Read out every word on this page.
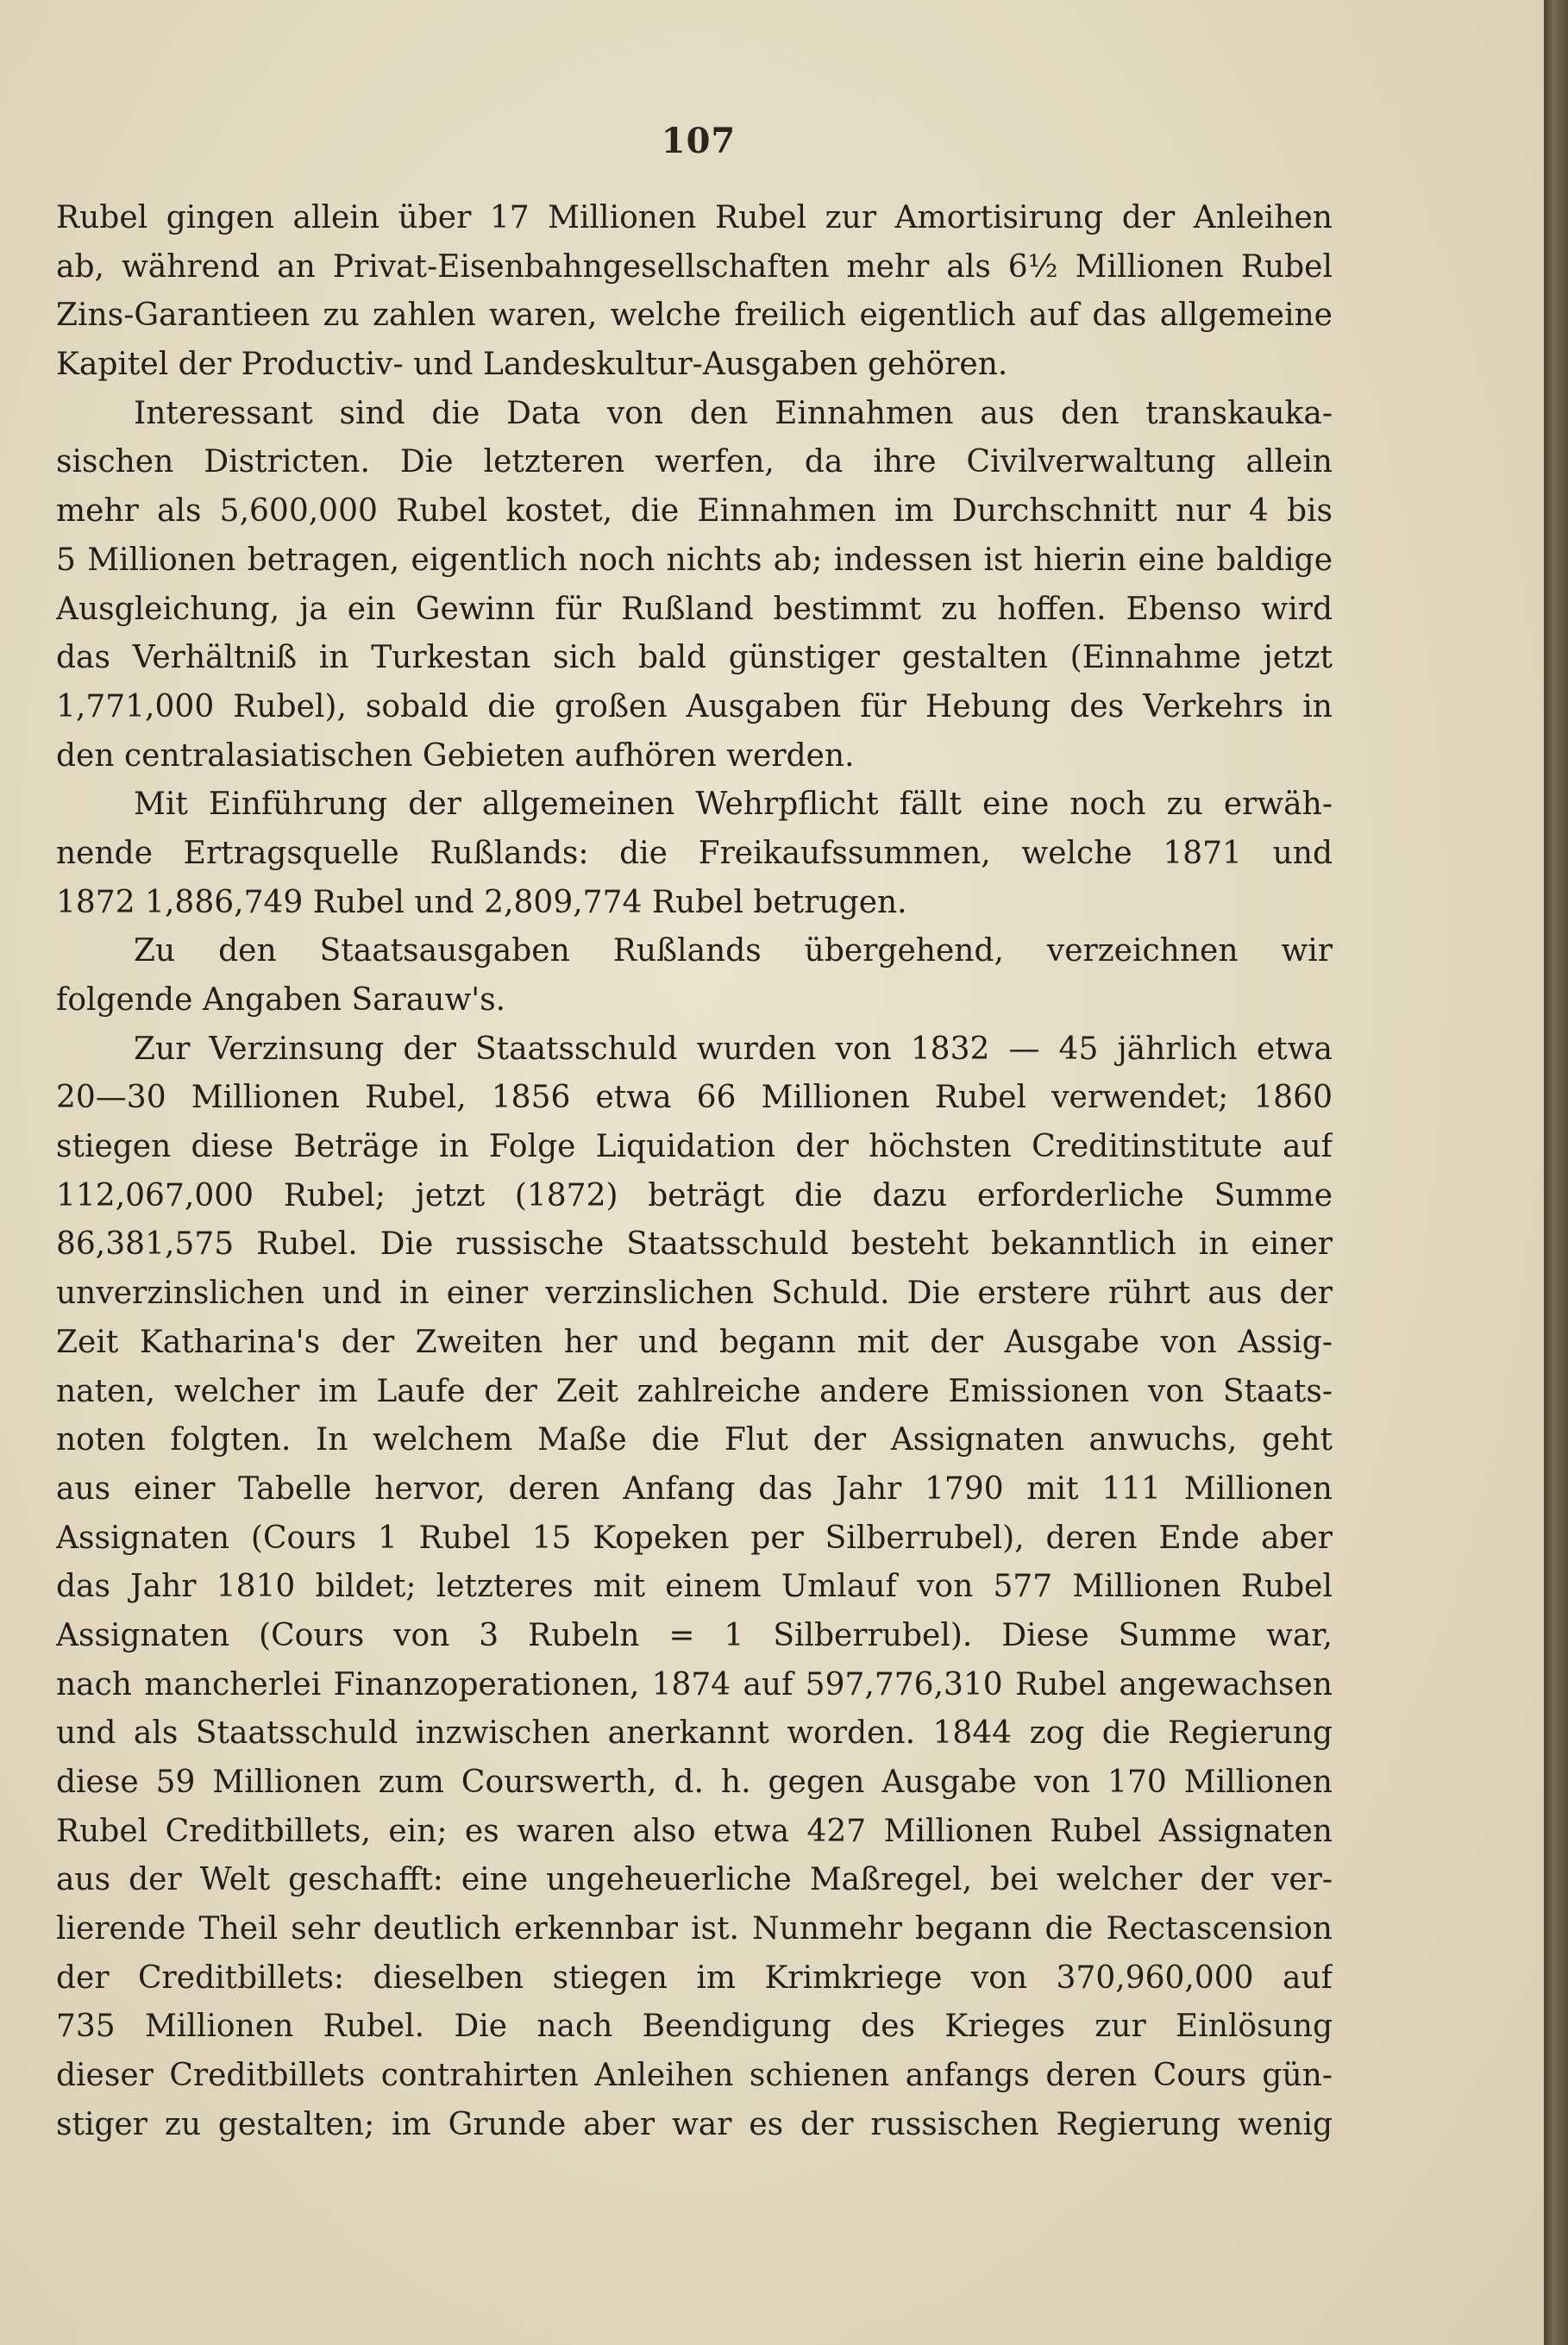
107
Rubel gingen allein über 17 Millionen Rubel zur Amortisirung der Anleihen
ab, während an Privat-Eisenbahngesellschaften mehr als 6½ Millionen Rubel
Zins-Garantieen zu zahlen waren, welche freilich eigentlich auf das allgemeine
Kapitel der Productiv- und Landeskultur-Ausgaben gehören.
Interessant sind die Data von den Einnahmen aus den transkauka-
sischen Districten. Die letzteren werfen, da ihre Civilverwaltung allein
mehr als 5,600,000 Rubel kostet, die Einnahmen im Durchschnitt nur 4 bis
5 Millionen betragen, eigentlich noch nichts ab; indessen ist hierin eine baldige
Ausgleichung, ja ein Gewinn für Rußland bestimmt zu hoffen. Ebenso wird
das Verhältniß in Turkestan sich bald günstiger gestalten (Einnahme jetzt
1,771,000 Rubel), sobald die großen Ausgaben für Hebung des Verkehrs in
den centralasiatischen Gebieten aufhören werden.
Mit Einführung der allgemeinen Wehrpflicht fällt eine noch zu erwäh-
nende Ertragsquelle Rußlands: die Freikaufssummen, welche 1871 und
1872 1,886,749 Rubel und 2,809,774 Rubel betrugen.
Zu den Staatsausgaben Rußlands übergehend, verzeichnen wir
folgende Angaben Sarauw's.
Zur Verzinsung der Staatsschuld wurden von 1832 — 45 jährlich etwa
20—30 Millionen Rubel, 1856 etwa 66 Millionen Rubel verwendet; 1860
stiegen diese Beträge in Folge Liquidation der höchsten Creditinstitute auf
112,067,000 Rubel; jetzt (1872) beträgt die dazu erforderliche Summe
86,381,575 Rubel. Die russische Staatsschuld besteht bekanntlich in einer
unverzinslichen und in einer verzinslichen Schuld. Die erstere rührt aus der
Zeit Katharina's der Zweiten her und begann mit der Ausgabe von Assig-
naten, welcher im Laufe der Zeit zahlreiche andere Emissionen von Staats-
noten folgten. In welchem Maße die Flut der Assignaten anwuchs, geht
aus einer Tabelle hervor, deren Anfang das Jahr 1790 mit 111 Millionen
Assignaten (Cours 1 Rubel 15 Kopeken per Silberrubel), deren Ende aber
das Jahr 1810 bildet; letzteres mit einem Umlauf von 577 Millionen Rubel
Assignaten (Cours von 3 Rubeln = 1 Silberrubel). Diese Summe war,
nach mancherlei Finanzoperationen, 1874 auf 597,776,310 Rubel angewachsen
und als Staatsschuld inzwischen anerkannt worden. 1844 zog die Regierung
diese 59 Millionen zum Courswerth, d. h. gegen Ausgabe von 170 Millionen
Rubel Creditbillets, ein; es waren also etwa 427 Millionen Rubel Assignaten
aus der Welt geschafft: eine ungeheuerliche Maßregel, bei welcher der ver-
lierende Theil sehr deutlich erkennbar ist. Nunmehr begann die Rectascension
der Creditbillets: dieselben stiegen im Krimkriege von 370,960,000 auf
735 Millionen Rubel. Die nach Beendigung des Krieges zur Einlösung
dieser Creditbillets contrahirten Anleihen schienen anfangs deren Cours gün-
stiger zu gestalten; im Grunde aber war es der russischen Regierung wenig
